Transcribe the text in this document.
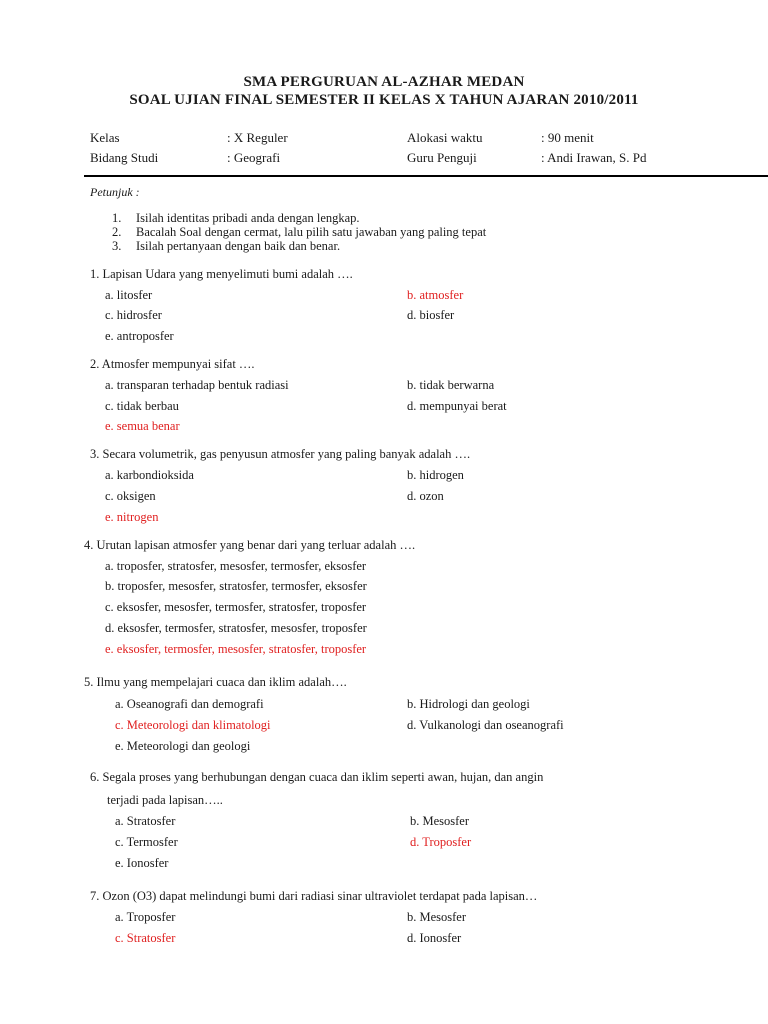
SMA PERGURUAN AL-AZHAR MEDAN
SOAL UJIAN FINAL SEMESTER II KELAS X TAHUN AJARAN 2010/2011
Kelas	: X Reguler	Alokasi waktu	: 90 menit
Bidang Studi	: Geografi	Guru Penguji	: Andi Irawan, S. Pd
Petunjuk :
1. Isilah identitas pribadi anda dengan lengkap.
2. Bacalah Soal dengan cermat, lalu pilih satu jawaban yang paling tepat
3. Isilah pertanyaan dengan baik dan benar.
1. Lapisan Udara yang menyelimuti bumi adalah ….
a. litosfer	b. atmosfer
c. hidrosfer	d. biosfer
e. antroposfer
2. Atmosfer mempunyai sifat ….
a. transparan terhadap bentuk radiasi	b. tidak berwarna
c. tidak berbau	d. mempunyai berat
e. semua benar
3. Secara volumetrik, gas penyusun atmosfer yang paling banyak adalah ….
a. karbondioksida	b. hidrogen
c. oksigen	d. ozon
e. nitrogen
4. Urutan lapisan atmosfer yang benar dari yang terluar adalah ….
a. troposfer, stratosfer, mesosfer, termosfer, eksosfer
b. troposfer, mesosfer, stratosfer, termosfer, eksosfer
c. eksosfer, mesosfer, termosfer, stratosfer, troposfer
d. eksosfer, termosfer, stratosfer, mesosfer, troposfer
e. eksosfer, termosfer, mesosfer, stratosfer, troposfer
5. Ilmu yang mempelajari cuaca dan iklim adalah….
a. Oseanografi dan demografi	b. Hidrologi dan geologi
c. Meteorologi dan klimatologi	d. Vulkanologi dan oseanografi
e. Meteorologi dan geologi
6. Segala proses yang berhubungan dengan cuaca dan iklim seperti awan, hujan, dan angin
terjadi pada lapisan…..
a. Stratosfer	b. Mesosfer
c. Termosfer	d. Troposfer
e. Ionosfer
7. Ozon (O3) dapat melindungi bumi dari radiasi sinar ultraviolet terdapat pada lapisan…
a. Troposfer	b. Mesosfer
c. Stratosfer	d. Ionosfer
